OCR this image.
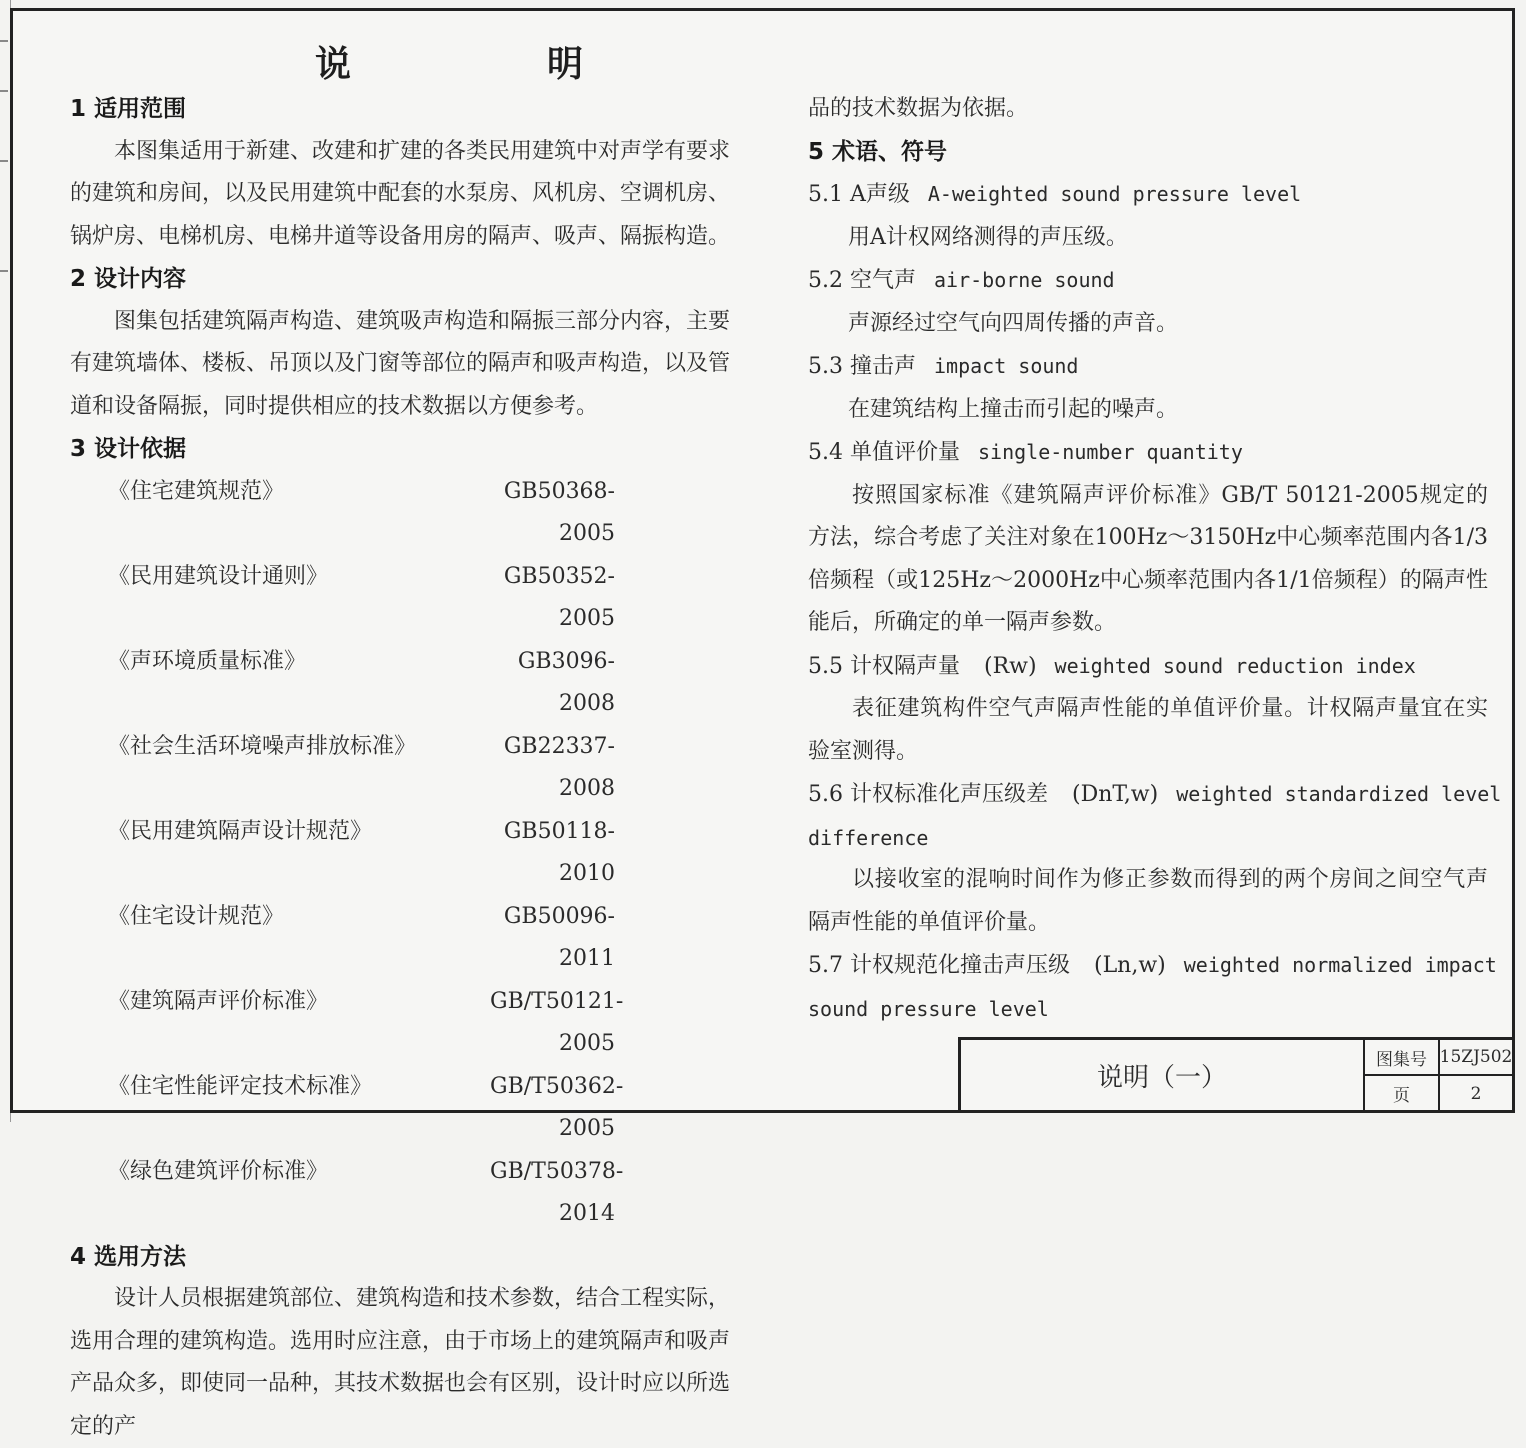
说　明
1 适用范围
本图集适用于新建、改建和扩建的各类民用建筑中对声学有要求的建筑和房间，以及民用建筑中配套的水泵房、风机房、空调机房、锅炉房、电梯机房、电梯井道等设备用房的隔声、吸声、隔振构造。
2 设计内容
图集包括建筑隔声构造、建筑吸声构造和隔振三部分内容，主要有建筑墙体、楼板、吊顶以及门窗等部位的隔声和吸声构造，以及管道和设备隔振，同时提供相应的技术数据以方便参考。
3 设计依据
《住宅建筑规范》	GB50368-2005
《民用建筑设计通则》	GB50352-2005
《声环境质量标准》	GB3096-2008
《社会生活环境噪声排放标准》	GB22337-2008
《民用建筑隔声设计规范》	GB50118-2010
《住宅设计规范》	GB50096-2011
《建筑隔声评价标准》	GB/T50121-2005
《住宅性能评定技术标准》	GB/T50362-2005
《绿色建筑评价标准》	GB/T50378-2014
4 选用方法
设计人员根据建筑部位、建筑构造和技术参数，结合工程实际，选用合理的建筑构造。选用时应注意，由于市场上的建筑隔声和吸声产品众多，即使同一品种，其技术数据也会有区别，设计时应以所选定的产
品的技术数据为依据。
5 术语、符号
5.1 A声级 A-weighted sound pressure level
用A计权网络测得的声压级。
5.2 空气声 air-borne sound
声源经过空气向四周传播的声音。
5.3 撞击声 impact sound
在建筑结构上撞击而引起的噪声。
5.4 单值评价量 single-number quantity
按照国家标准《建筑隔声评价标准》GB/T 50121-2005规定的方法，综合考虑了关注对象在100Hz～3150Hz中心频率范围内各1/3倍频程（或125Hz～2000Hz中心频率范围内各1/1倍频程）的隔声性能后，所确定的单一隔声参数。
5.5 计权隔声量 (Rw) weighted sound reduction index
表征建筑构件空气声隔声性能的单值评价量。计权隔声量宜在实验室测得。
5.6 计权标准化声压级差 (DnT,w) weighted standardized level
difference
以接收室的混响时间作为修正参数而得到的两个房间之间空气声隔声性能的单值评价量。
5.7 计权规范化撞击声压级 (Ln,w) weighted normalized impact
sound pressure level
说明（一）
图集号 15ZJ502
页	2
